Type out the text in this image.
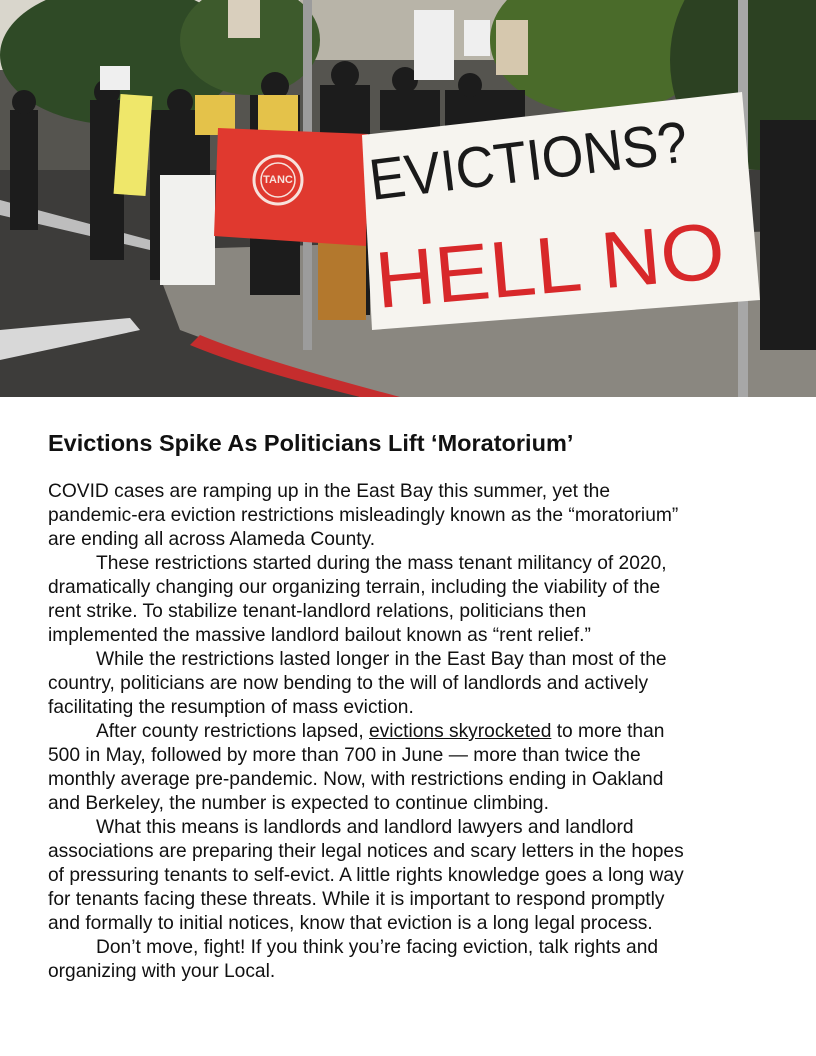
TANC EVICTIONS?
HELL NO
Evictions Spike As Politicians Lift ‘Moratorium’

COVID cases are ramping up in the East Bay this summer, yet the
pandemic-era eviction restrictions misleadingly known as the “moratorium”
are ending all across Alameda County.

These restrictions started during the mass tenant militancy of 2020,
dramatically changing our organizing terrain, including the viability of the
rent strike. To stabilize tenant-landlord relations, politicians then
implemented the massive landlord bailout known as “rent relief.”

While the restrictions lasted longer in the East Bay than most of the
country, politicians are now bending to the will of landlords and actively
facilitating the resumption of mass eviction.

After county restrictions lapsed, evictions skyrocketed to more than
500 in May, followed by more than 700 in June — more than twice the
monthly average pre-pandemic. Now, with restrictions ending in Oakland
and Berkeley, the number is expected to continue climbing.

What this means is landlords and landlord lawyers and landlord
associations are preparing their legal notices and scary letters in the hopes
of pressuring tenants to self-evict. A little rights knowledge goes a long way
for tenants facing these threats. While it is important to respond promptly
and formally to initial notices, know that eviction is a long legal process.

Don’t move, fight! If you think you’re facing eviction, talk rights and
organizing with your Local.
